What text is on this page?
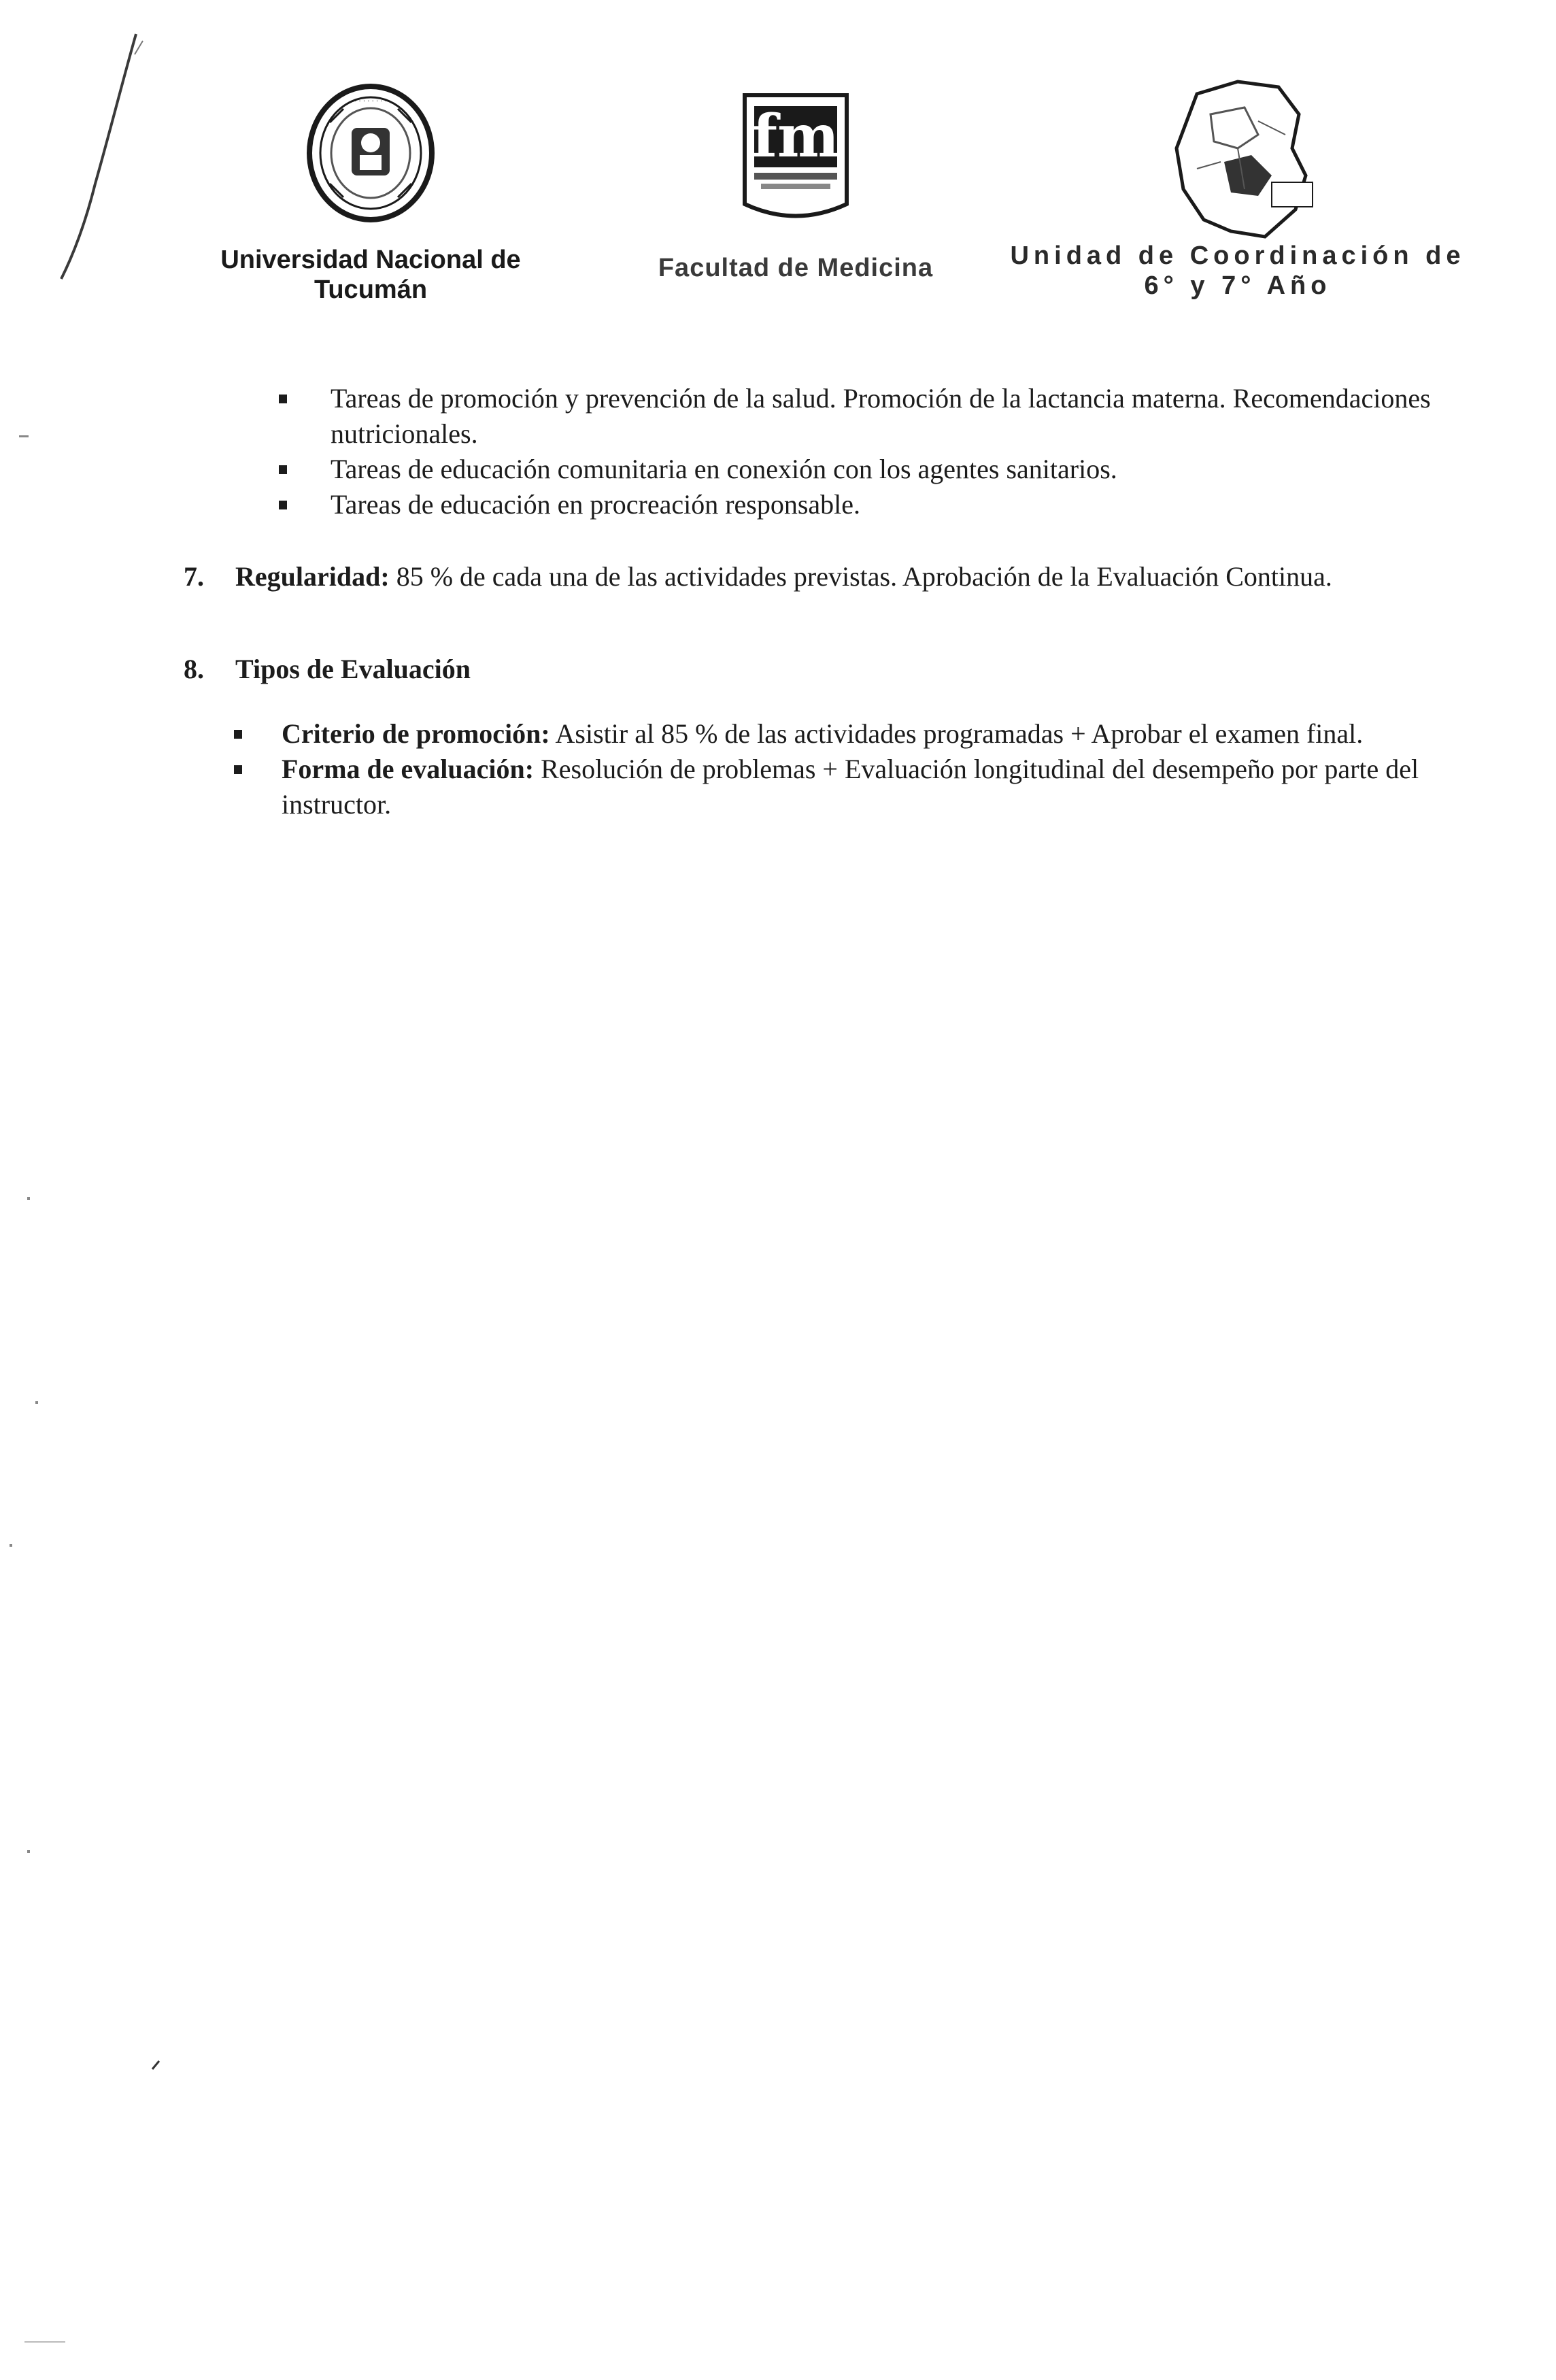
· · · · · · · ·
Universidad Nacional de
Tucumán
fm
Facultad de Medicina	Unidad de Coordinación de
6° y 7° Año
Tareas de promoción y prevención de la salud. Promoción de la lactancia materna. Recomendaciones nutricionales.
Tareas de educación comunitaria en conexión con los agentes sanitarios.
Tareas de educación en procreación responsable.
7. Regularidad: 85 % de cada una de las actividades previstas. Aprobación de la Evaluación Continua.
8. Tipos de Evaluación
Criterio de promoción: Asistir al 85 % de las actividades programadas + Aprobar el examen final.
Forma de evaluación: Resolución de problemas + Evaluación longitudinal del desempeño por parte del instructor.
